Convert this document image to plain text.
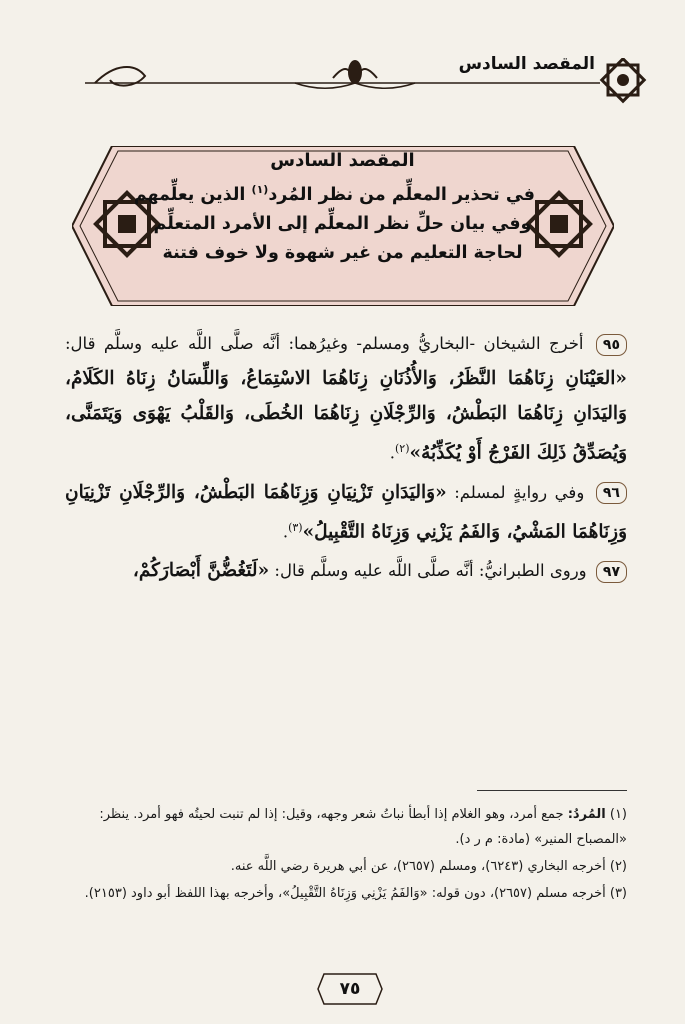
المقصد السادس
المقصد السادس
في تحذير المعلِّم من نظر المُرد$^{(١)}$ الذين يعلِّمهم
وفي بيان حلِّ نظر المعلِّم إلى الأمرد المتعلِّم
لحاجة التعليم من غير شهوة ولا خوف فتنة

٩٥ أخرج الشيخان -البخاريُّ ومسلم- وغيرُهما: أنَّه صلَّى اللَّه عليه وسلَّم قال: «العَيْنَانِ زِنَاهُمَا النَّظَرُ، وَالأُذُنَانِ زِنَاهُمَا الاسْتِمَاعُ، وَاللِّسَانُ زِنَاهُ الكَلَامُ، وَاليَدَانِ زِنَاهُمَا البَطْشُ، وَالرِّجْلَانِ زِنَاهُمَا الخُطَى، وَالقَلْبُ يَهْوَى وَيَتَمَنَّى، وَيُصَدِّقُ ذَلِكَ الفَرْجُ أَوْ يُكَذِّبُهُ»$^{(٢)}$.

٩٦ وفي روايةٍ لمسلم: «وَاليَدَانِ تَزْنِيَانِ وَزِنَاهُمَا البَطْشُ، وَالرِّجْلَانِ تَزْنِيَانِ وَزِنَاهُمَا المَشْيُ، وَالفَمُ يَزْنِي وَزِنَاهُ التَّقْبِيلُ»$^{(٣)}$.

٩٧ وروى الطبرانيُّ: أنَّه صلَّى اللَّه عليه وسلَّم قال: «لَتَغُضُّنَّ أَبْصَارَكُمْ،

(١) المُردُ: جمع أمرد، وهو الغلام إذا أبطأ نباتُ شعر وجهه، وقيل: إذا لم تنبت لحيتُه فهو أمرد. ينظر: «المصباح المنير» (مادة: م ر د).

(٢) أخرجه البخاري (٦٢٤٣)، ومسلم (٢٦٥٧)، عن أبي هريرة رضي اللَّه عنه.

(٣) أخرجه مسلم (٢٦٥٧)، دون قوله: «وَالفَمُ يَزْنِي وَزِنَاهُ التَّقْبِيلُ»، وأخرجه بهذا اللفظ أبو داود (٢١٥٣).

٧٥
